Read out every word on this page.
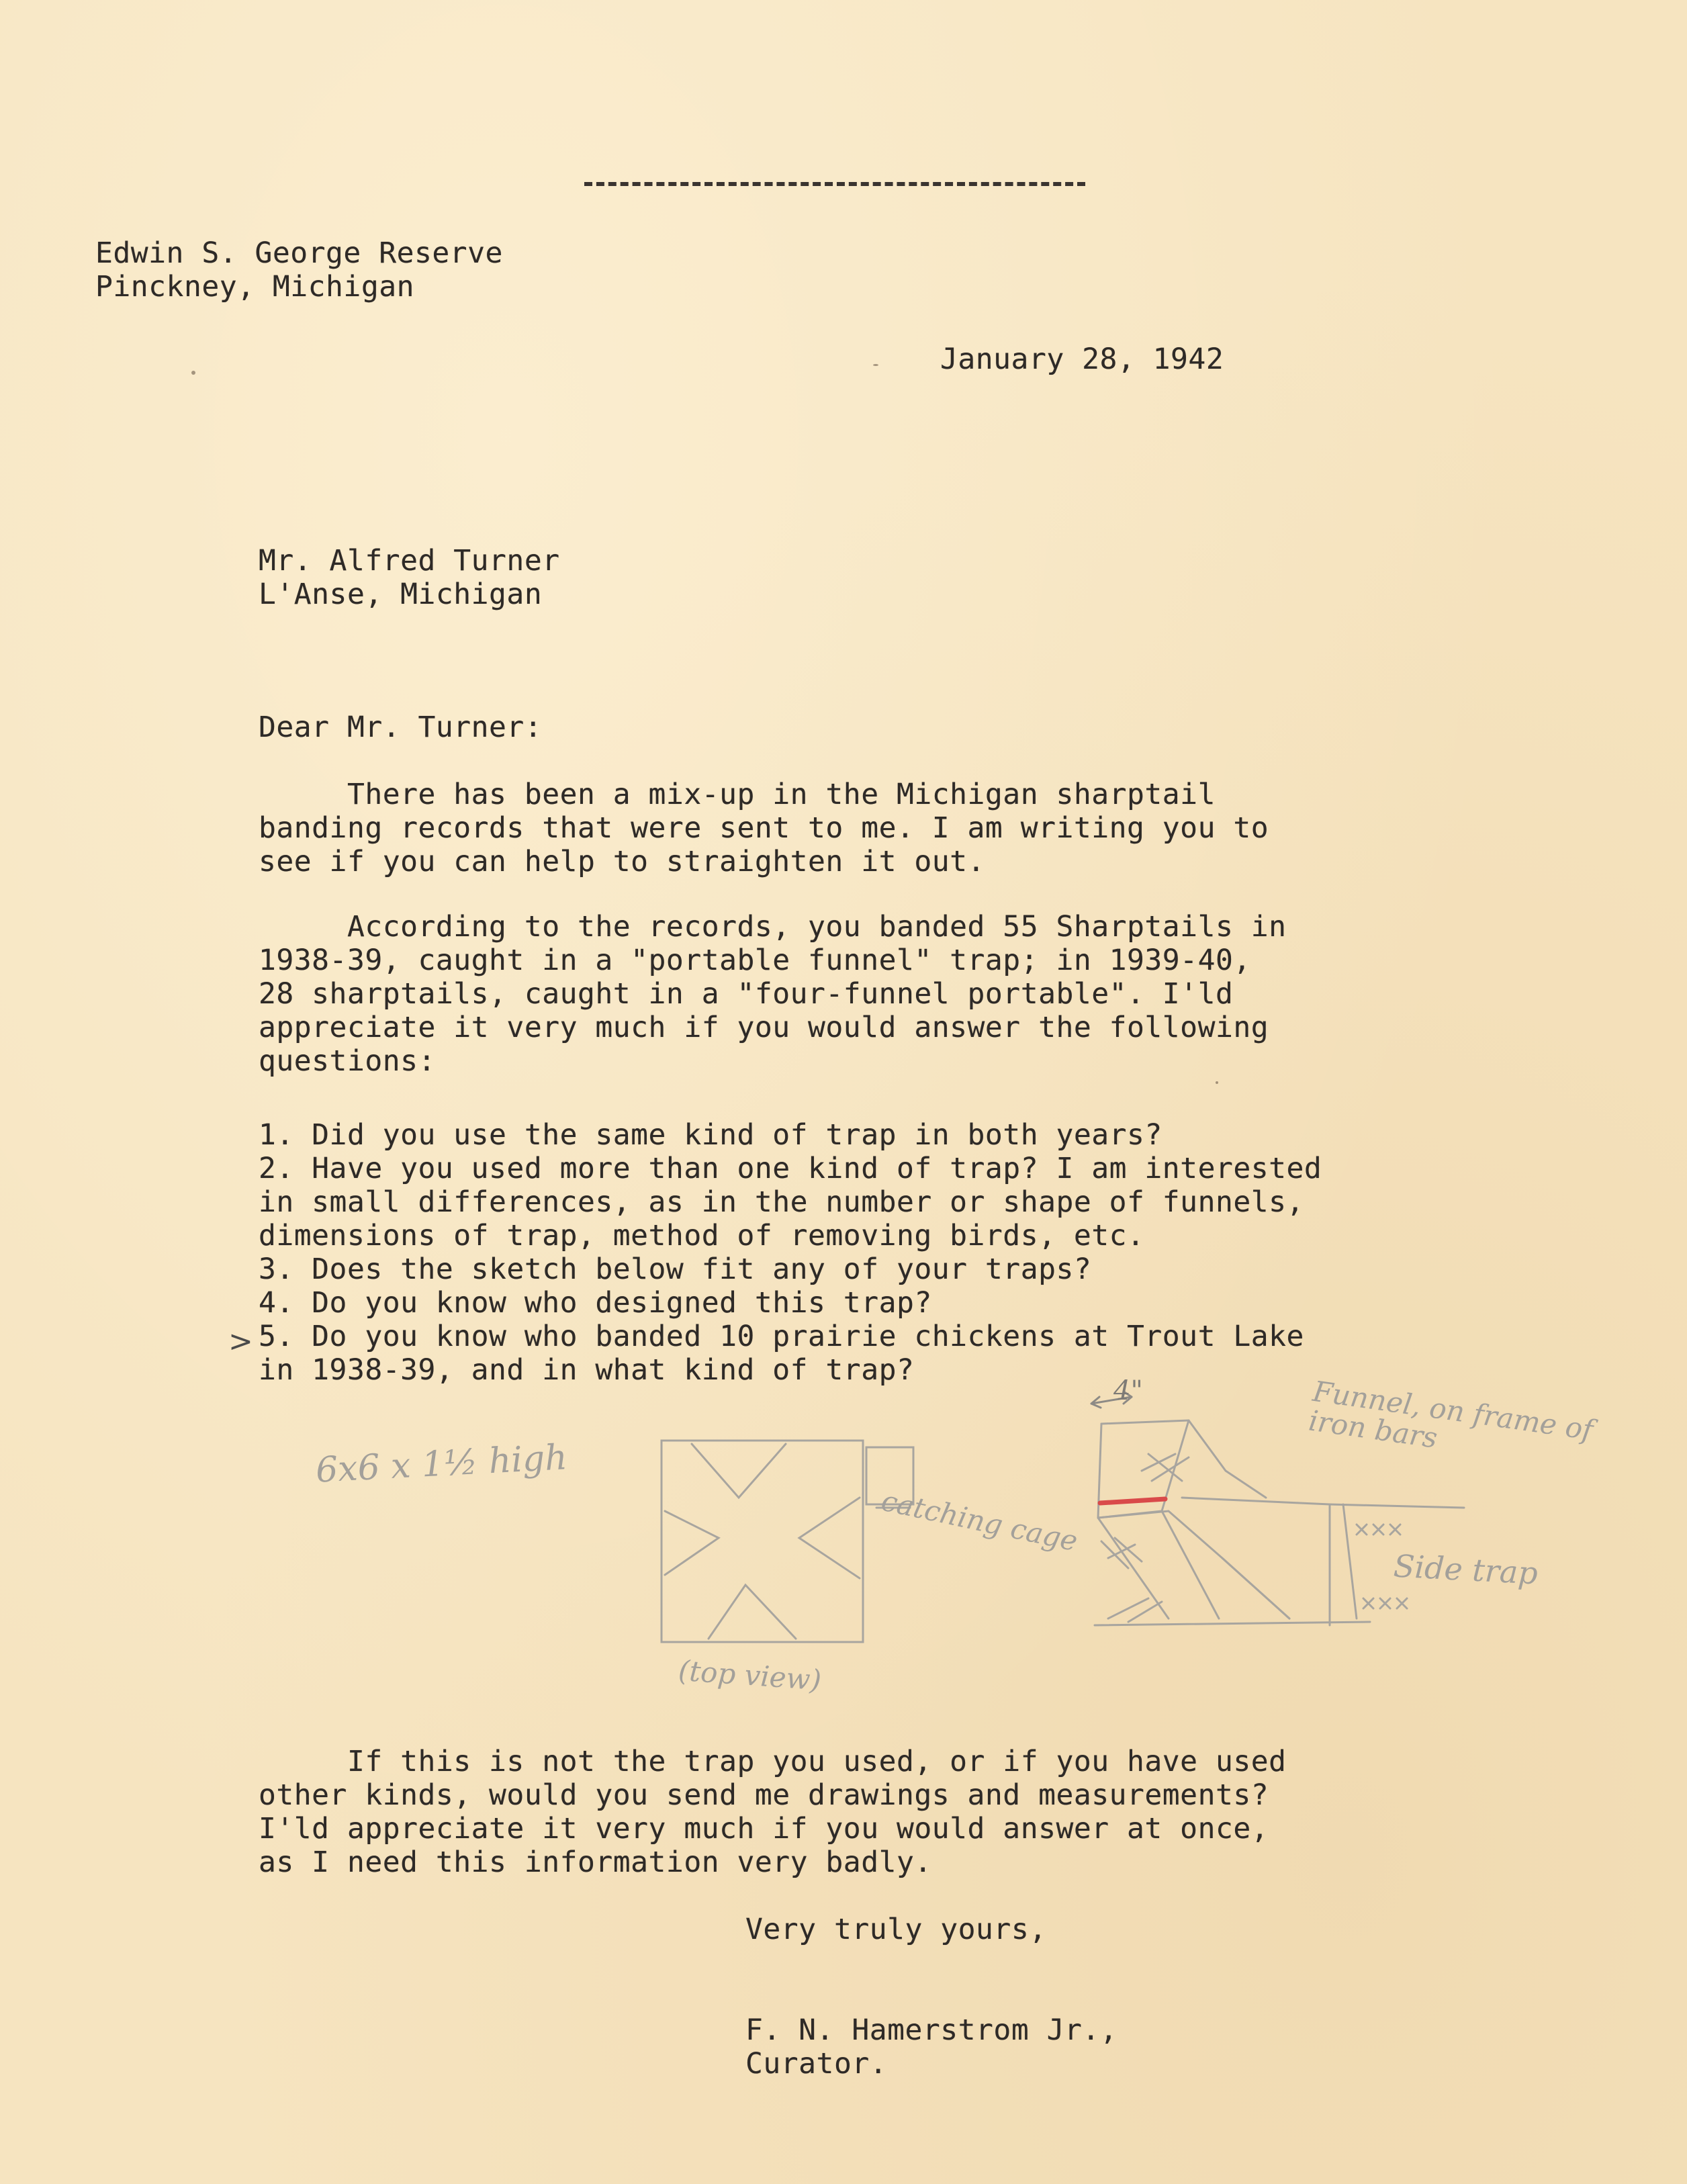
Edwin S. George Reserve
Pinckney, Michigan
January 28, 1942
Mr. Alfred Turner
L'Anse, Michigan
Dear Mr. Turner:
There has been a mix-up in the Michigan sharptail
banding records that were sent to me. I am writing you to
see if you can help to straighten it out.
According to the records, you banded 55 Sharptails in
1938-39, caught in a "portable funnel" trap; in 1939-40,
28 sharptails, caught in a "four-funnel portable". I'ld
appreciate it very much if you would answer the following
questions:
1. Did you use the same kind of trap in both years?
2. Have you used more than one kind of trap? I am interested
in small differences, as in the number or shape of funnels,
dimensions of trap, method of removing birds, etc.
3. Does the sketch below fit any of your traps?
4. Do you know who designed this trap?
5. Do you know who banded 10 prairie chickens at Trout Lake
in 1938-39, and in what kind of trap?
>
6x6 x 1½ high
catching cage
(top view)
4"	Funnel, on frame of iron bars
Side trap
If this is not the trap you used, or if you have used
other kinds, would you send me drawings and measurements?
I'ld appreciate it very much if you would answer at once,
as I need this information very badly.
Very truly yours,
F. N. Hamerstrom Jr.,
Curator.
